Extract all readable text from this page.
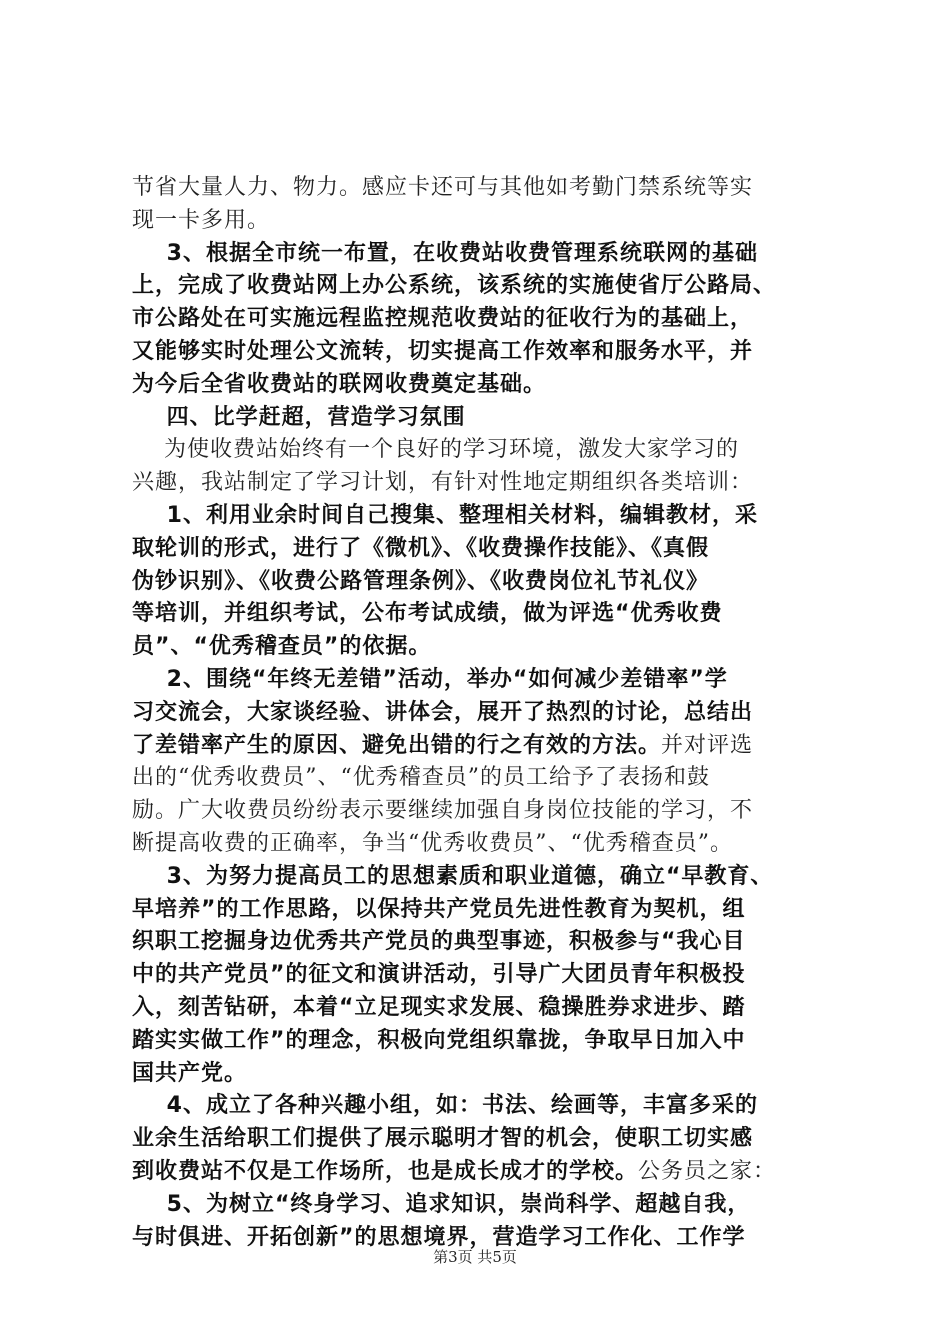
节省大量人力、物力。感应卡还可与其他如考勤门禁系统等实

现一卡多用。

3、根据全市统一布置，在收费站收费管理系统联网的基础

上，完成了收费站网上办公系统，该系统的实施使省厅公路局、

市公路处在可实施远程监控规范收费站的征收行为的基础上，

又能够实时处理公文流转，切实提高工作效率和服务水平，并

为今后全省收费站的联网收费奠定基础。

四、比学赶超，营造学习氛围

为使收费站始终有一个良好的学习环境，激发大家学习的

兴趣，我站制定了学习计划，有针对性地定期组织各类培训：

1、利用业余时间自己搜集、整理相关材料，编辑教材，采

取轮训的形式，进行了《微机》、《收费操作技能》、《真假

伪钞识别》、《收费公路管理条例》、《收费岗位礼节礼仪》

等培训，并组织考试，公布考试成绩，做为评选“优秀收费

员”、“优秀稽查员”的依据。

2、围绕“年终无差错”活动，举办“如何减少差错率”学

习交流会，大家谈经验、讲体会，展开了热烈的讨论，总结出

了差错率产生的原因、避免出错的行之有效的方法。并对评选

出的“优秀收费员”、“优秀稽查员”的员工给予了表扬和鼓

励。广大收费员纷纷表示要继续加强自身岗位技能的学习，不

断提高收费的正确率，争当“优秀收费员”、“优秀稽查员”。

3、为努力提高员工的思想素质和职业道德，确立“早教育、

早培养”的工作思路，以保持共产党员先进性教育为契机，组

织职工挖掘身边优秀共产党员的典型事迹，积极参与“我心目

中的共产党员”的征文和演讲活动，引导广大团员青年积极投

入，刻苦钻研，本着“立足现实求发展、稳操胜券求进步、踏

踏实实做工作”的理念，积极向党组织靠拢，争取早日加入中

国共产党。

4、成立了各种兴趣小组，如：书法、绘画等，丰富多采的

业余生活给职工们提供了展示聪明才智的机会，使职工切实感

到收费站不仅是工作场所，也是成长成才的学校。公务员之家：

5、为树立“终身学习、追求知识，崇尚科学、超越自我，

与时俱进、开拓创新”的思想境界，营造学习工作化、工作学

第3页 共5页
